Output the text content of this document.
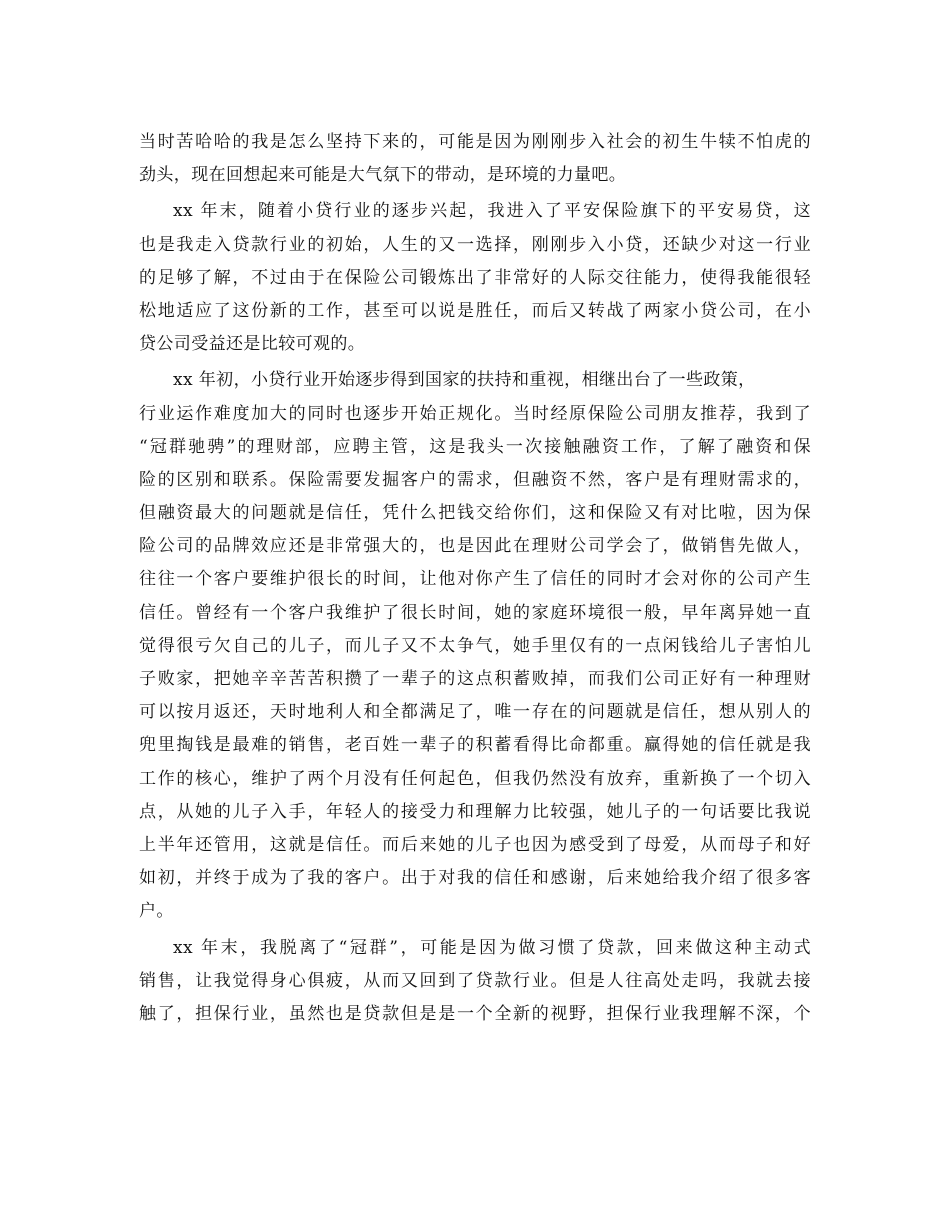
当时苦哈哈的我是怎么坚持下来的，可能是因为刚刚步入社会的初生牛犊不怕虎的
劲头，现在回想起来可能是大气氛下的带动，是环境的力量吧。
xx 年末，随着小贷行业的逐步兴起，我进入了平安保险旗下的平安易贷，这
也是我走入贷款行业的初始，人生的又一选择，刚刚步入小贷，还缺少对这一行业
的足够了解，不过由于在保险公司锻炼出了非常好的人际交往能力，使得我能很轻
松地适应了这份新的工作，甚至可以说是胜任，而后又转战了两家小贷公司，在小
贷公司受益还是比较可观的。
xx 年初，小贷行业开始逐步得到国家的扶持和重视，相继出台了一些政策，
行业运作难度加大的同时也逐步开始正规化。当时经原保险公司朋友推荐，我到了
“冠群驰骋”的理财部，应聘主管，这是我头一次接触融资工作，了解了融资和保
险的区别和联系。保险需要发掘客户的需求，但融资不然，客户是有理财需求的，
但融资最大的问题就是信任，凭什么把钱交给你们，这和保险又有对比啦，因为保
险公司的品牌效应还是非常强大的，也是因此在理财公司学会了，做销售先做人，
往往一个客户要维护很长的时间，让他对你产生了信任的同时才会对你的公司产生
信任。曾经有一个客户我维护了很长时间，她的家庭环境很一般，早年离异她一直
觉得很亏欠自己的儿子，而儿子又不太争气，她手里仅有的一点闲钱给儿子害怕儿
子败家，把她辛辛苦苦积攒了一辈子的这点积蓄败掉，而我们公司正好有一种理财
可以按月返还，天时地利人和全都满足了，唯一存在的问题就是信任，想从别人的
兜里掏钱是最难的销售，老百姓一辈子的积蓄看得比命都重。赢得她的信任就是我
工作的核心，维护了两个月没有任何起色，但我仍然没有放弃，重新换了一个切入
点，从她的儿子入手，年轻人的接受力和理解力比较强，她儿子的一句话要比我说
上半年还管用，这就是信任。而后来她的儿子也因为感受到了母爱，从而母子和好
如初，并终于成为了我的客户。出于对我的信任和感谢，后来她给我介绍了很多客
户。
xx 年末，我脱离了“冠群”，可能是因为做习惯了贷款，回来做这种主动式
销售，让我觉得身心俱疲，从而又回到了贷款行业。但是人往高处走吗，我就去接
触了，担保行业，虽然也是贷款但是是一个全新的视野，担保行业我理解不深，个
